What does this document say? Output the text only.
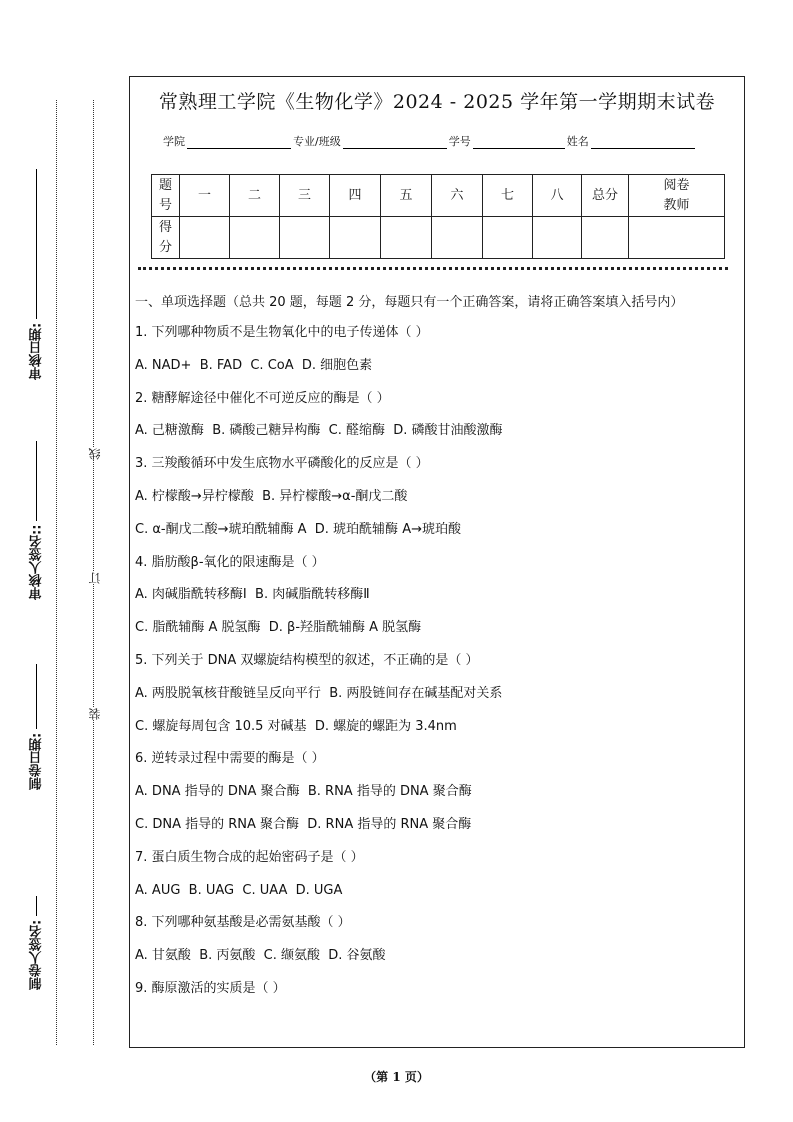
审核日期:
审核人签名::
制卷日期:
制卷人签名:
线
订
装
常熟理工学院《生物化学》2024 - 2025 学年第一学期期末试卷
学院	专业/班级	学号	姓名
题号	一	二	三	四	五	六	七	八	总分	阅卷教师
得分										

一、单项选择题（总共 20 题，每题 2 分，每题只有一个正确答案，请将正确答案填入括号内）

1. 下列哪种物质不是生物氧化中的电子传递体（ ）

A. NAD+  B. FAD  C. CoA  D. 细胞色素

2. 糖酵解途径中催化不可逆反应的酶是（ ）

A. 己糖激酶  B. 磷酸己糖异构酶  C. 醛缩酶  D. 磷酸甘油酸激酶

3. 三羧酸循环中发生底物水平磷酸化的反应是（ ）

A. 柠檬酸→异柠檬酸  B. 异柠檬酸→α-酮戊二酸

C. α-酮戊二酸→琥珀酰辅酶 A  D. 琥珀酰辅酶 A→琥珀酸

4. 脂肪酸β-氧化的限速酶是（ ）

A. 肉碱脂酰转移酶Ⅰ  B. 肉碱脂酰转移酶Ⅱ

C. 脂酰辅酶 A 脱氢酶  D. β-羟脂酰辅酶 A 脱氢酶

5. 下列关于 DNA 双螺旋结构模型的叙述，不正确的是（ ）

A. 两股脱氧核苷酸链呈反向平行  B. 两股链间存在碱基配对关系

C. 螺旋每周包含 10.5 对碱基  D. 螺旋的螺距为 3.4nm

6. 逆转录过程中需要的酶是（ ）

A. DNA 指导的 DNA 聚合酶  B. RNA 指导的 DNA 聚合酶

C. DNA 指导的 RNA 聚合酶  D. RNA 指导的 RNA 聚合酶

7. 蛋白质生物合成的起始密码子是（ ）

A. AUG  B. UAG  C. UAA  D. UGA

8. 下列哪种氨基酸是必需氨基酸（ ）

A. 甘氨酸  B. 丙氨酸  C. 缬氨酸  D. 谷氨酸

9. 酶原激活的实质是（ ）

（第 1 页）
